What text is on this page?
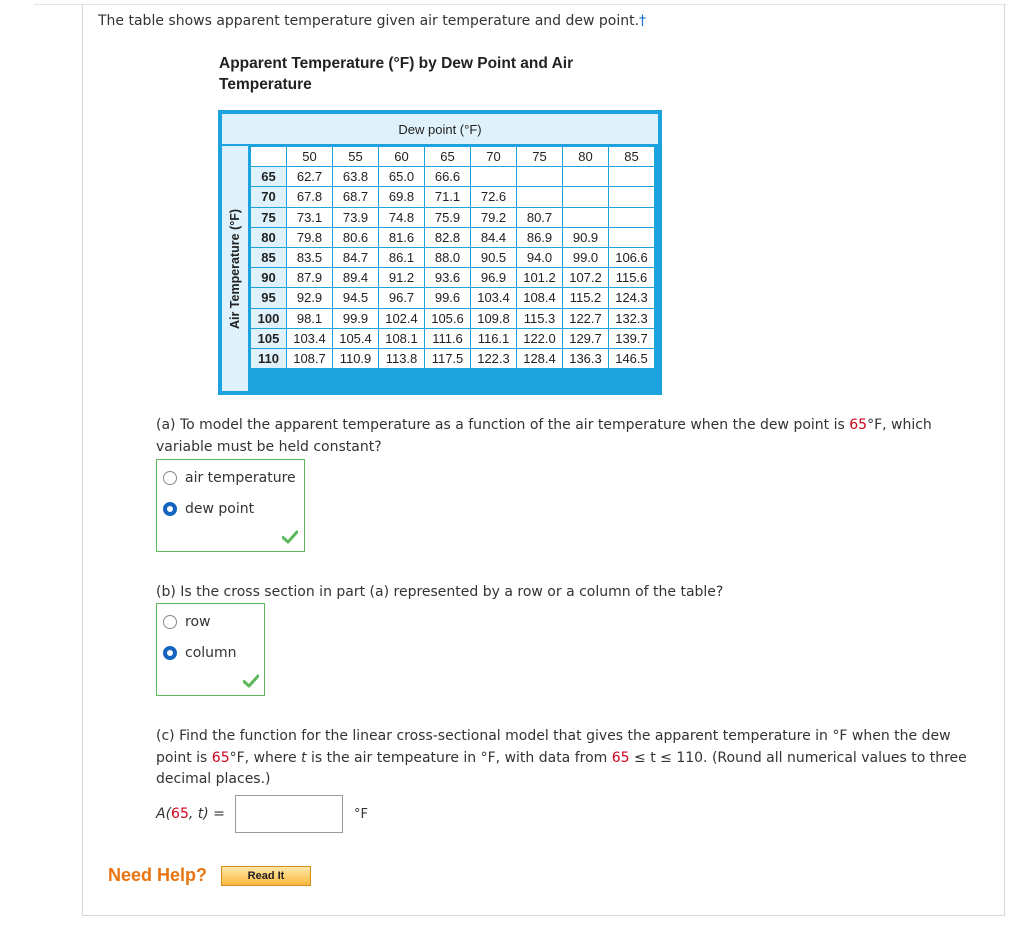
The table shows apparent temperature given air temperature and dew point.†
Apparent Temperature (°F) by Dew Point and Air Temperature
Dew point (°F)
Air Temperature (°F)
	50	55	60	65	70	75	80	85
65	62.7	63.8	65.0	66.6				
70	67.8	68.7	69.8	71.1	72.6			
75	73.1	73.9	74.8	75.9	79.2	80.7		
80	79.8	80.6	81.6	82.8	84.4	86.9	90.9	
85	83.5	84.7	86.1	88.0	90.5	94.0	99.0	106.6
90	87.9	89.4	91.2	93.6	96.9	101.2	107.2	115.6
95	92.9	94.5	96.7	99.6	103.4	108.4	115.2	124.3
100	98.1	99.9	102.4	105.6	109.8	115.3	122.7	132.3
105	103.4	105.4	108.1	111.6	116.1	122.0	129.7	139.7
110	108.7	110.9	113.8	117.5	122.3	128.4	136.3	146.5
(a) To model the apparent temperature as a function of the air temperature when the dew point is 65°F, which variable must be held constant?
air temperature
dew point
(b) Is the cross section in part (a) represented by a row or a column of the table?
row
column
(c) Find the function for the linear cross-sectional model that gives the apparent temperature in °F when the dew point is 65°F, where t is the air tempeature in °F, with data from 65 ≤ t ≤ 110. (Round all numerical values to three decimal places.)
A(65, t) =	°F
Need Help?	Read It
